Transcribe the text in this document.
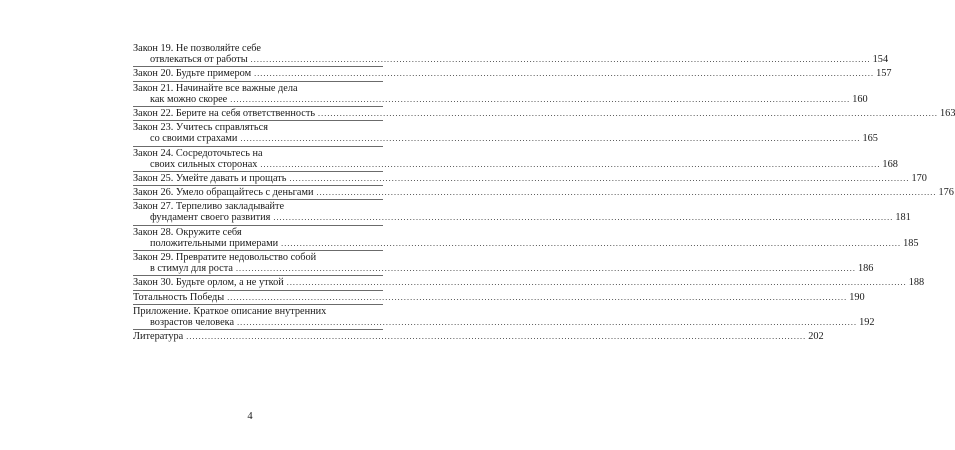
Закон 19. Не позволяйте себе
отвлекаться от работы ........................................................................................................................................................................................................ 154
Закон 20. Будьте примером ........................................................................................................................................................................................................ 157
Закон 21. Начинайте все важные дела
как можно скорее ........................................................................................................................................................................................................ 160
Закон 22. Берите на себя ответственность ........................................................................................................................................................................................................ 163
Закон 23. Учитесь справляться
со своими страхами ........................................................................................................................................................................................................ 165
Закон 24. Сосредоточьтесь на
своих сильных сторонах ........................................................................................................................................................................................................ 168
Закон 25. Умейте давать и прощать ........................................................................................................................................................................................................ 170
Закон 26. Умело обращайтесь с деньгами ........................................................................................................................................................................................................ 176
Закон 27. Терпеливо закладывайте
фундамент своего развития ........................................................................................................................................................................................................ 181
Закон 28. Окружите себя
положительными примерами ........................................................................................................................................................................................................ 185
Закон 29. Превратите недовольство собой
в стимул для роста ........................................................................................................................................................................................................ 186
Закон 30. Будьте орлом, а не уткой ........................................................................................................................................................................................................ 188
Тотальность Победы ........................................................................................................................................................................................................ 190
Приложение. Краткое описание внутренних
возрастов человека ........................................................................................................................................................................................................ 192
Литература ........................................................................................................................................................................................................ 202
4
